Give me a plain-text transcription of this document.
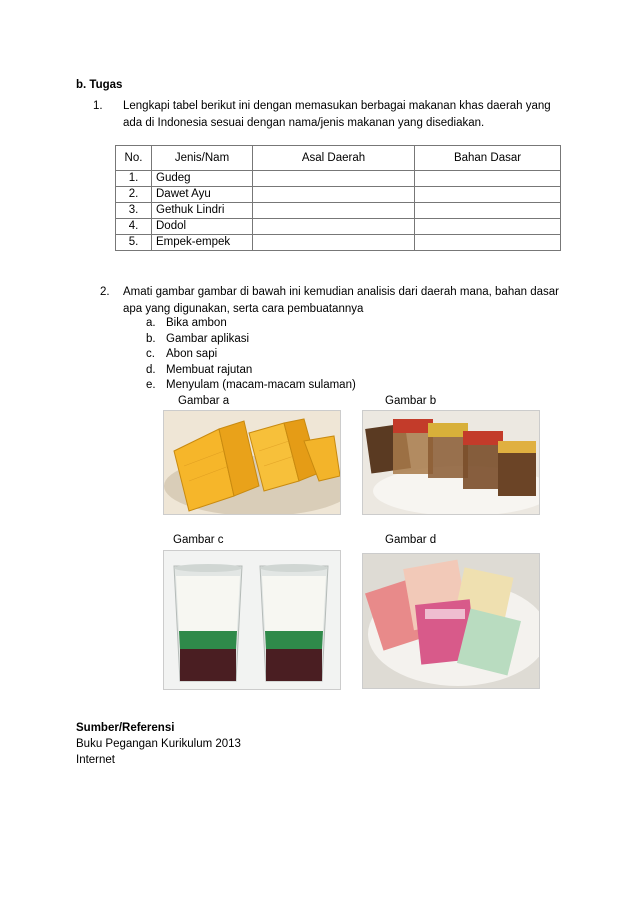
b. Tugas
1. Lengkapi tabel berikut ini dengan memasukan berbagai makanan khas daerah yang
ada di Indonesia sesuai dengan nama/jenis makanan yang disediakan.
No.	Jenis/Nam	Asal Daerah	Bahan Dasar
1.	Gudeg		
2.	Dawet Ayu		
3.	Gethuk Lindri		
4.	Dodol		
5.	Empek-empek		
2. Amati gambar gambar di bawah ini kemudian analisis dari daerah mana, bahan dasar
apa yang digunakan, serta cara pembuatannya
a. Bika ambon
b. Gambar aplikasi
c. Abon sapi
d. Membuat rajutan
e. Menyulam (macam-macam sulaman)
Gambar a	Gambar b
Gambar c	Gambar d
Sumber/Referensi
Buku Pegangan Kurikulum 2013
Internet
